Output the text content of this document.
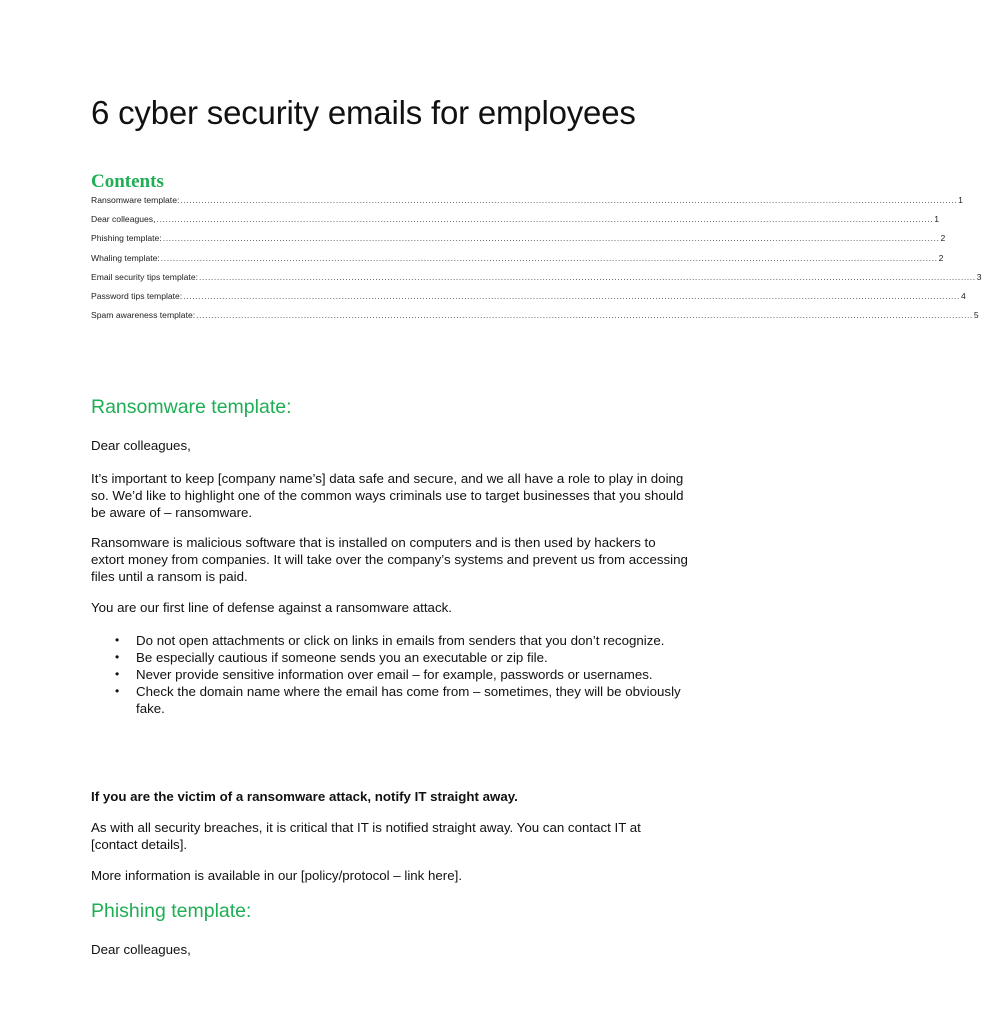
6 cyber security emails for employees
Contents
Ransomware template: .................................................................................................................................................................................................................................................................... 1
Dear colleagues, .................................................................................................................................................................................................................................................................... 1
Phishing template: .................................................................................................................................................................................................................................................................... 2
Whaling template: .................................................................................................................................................................................................................................................................... 2
Email security tips template: .................................................................................................................................................................................................................................................................... 3
Password tips template: .................................................................................................................................................................................................................................................................... 4
Spam awareness template: .................................................................................................................................................................................................................................................................... 5
Ransomware template:

Dear colleagues,

It’s important to keep [company name’s] data safe and secure, and we all have a role to play in doing so. We’d like to highlight one of the common ways criminals use to target businesses that you should be aware of – ransomware.

Ransomware is malicious software that is installed on computers and is then used by hackers to extort money from companies. It will take over the company’s systems and prevent us from accessing files until a ransom is paid.

You are our first line of defense against a ransomware attack.

• Do not open attachments or click on links in emails from senders that you don’t recognize.
• Be especially cautious if someone sends you an executable or zip file.
• Never provide sensitive information over email – for example, passwords or usernames.
• Check the domain name where the email has come from – sometimes, they will be obviously fake.

If you are the victim of a ransomware attack, notify IT straight away.

As with all security breaches, it is critical that IT is notified straight away. You can contact IT at [contact details].

More information is available in our [policy/protocol – link here].

Phishing template:

Dear colleagues,
